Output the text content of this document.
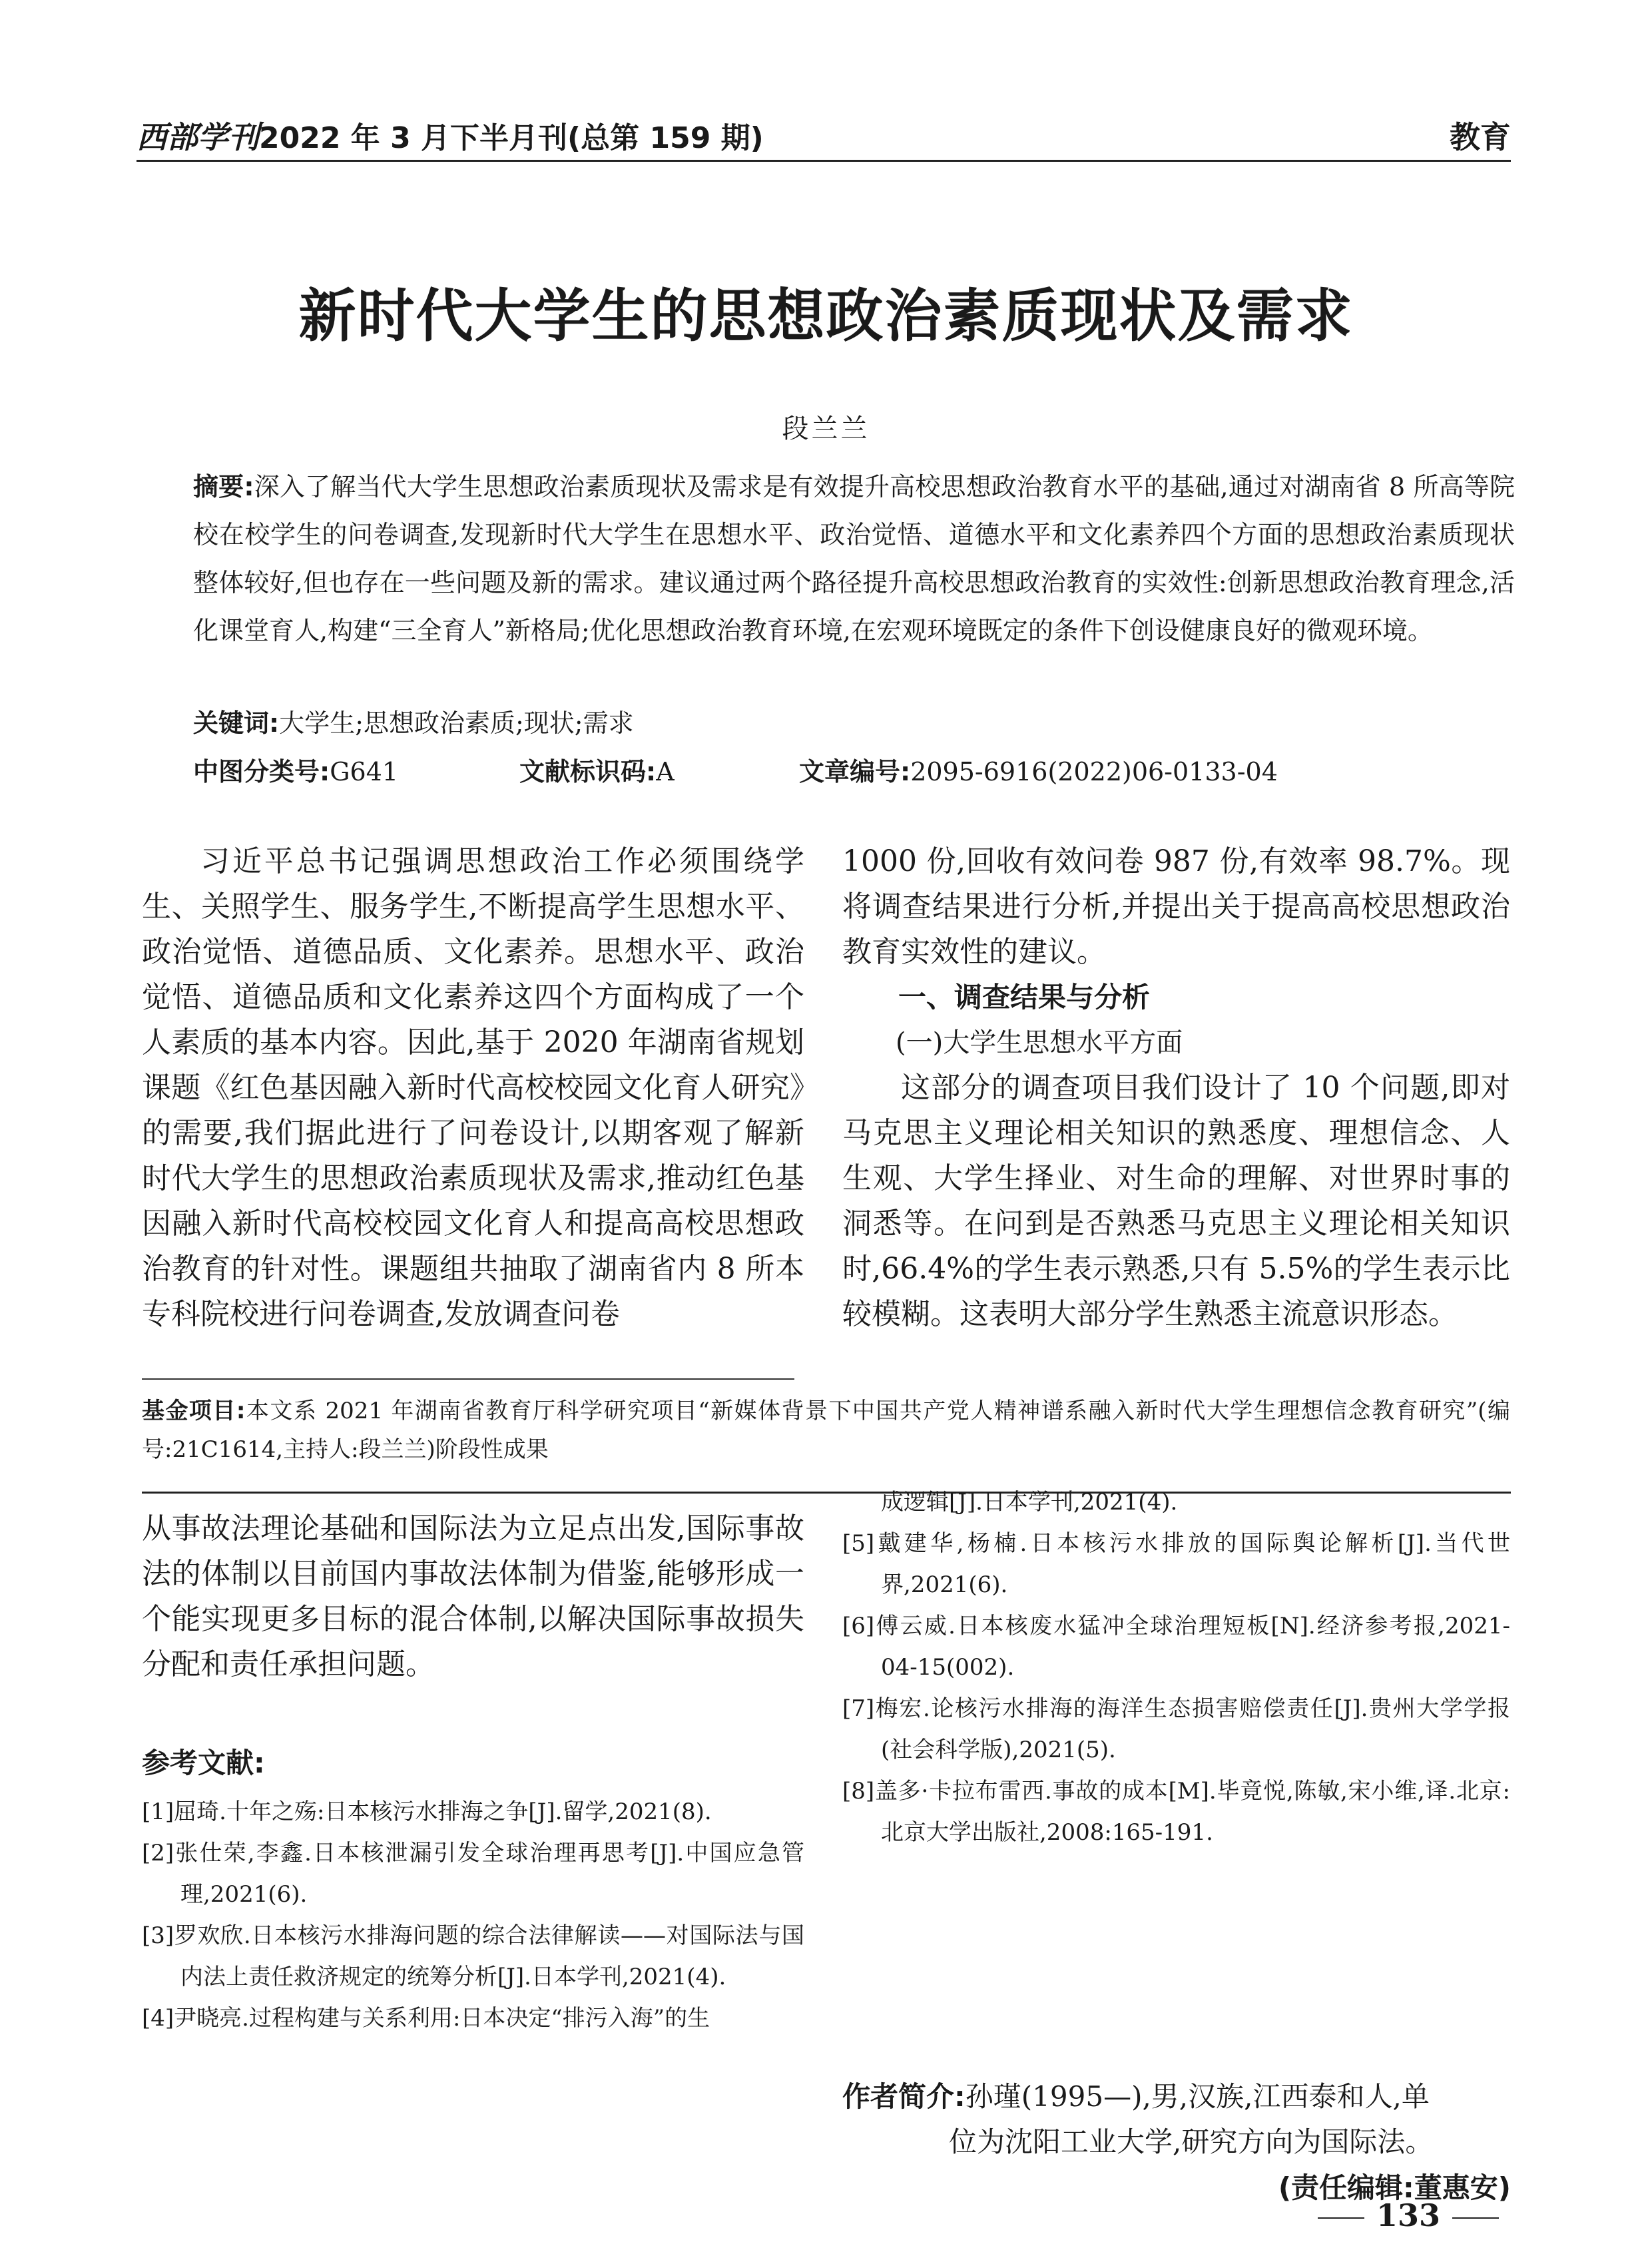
西部学刊2022 年 3 月下半月刊(总第 159 期)	教育
新时代大学生的思想政治素质现状及需求
段兰兰
摘要:深入了解当代大学生思想政治素质现状及需求是有效提升高校思想政治教育水平的基础,通过对湖南省 8 所高等院校在校学生的问卷调查,发现新时代大学生在思想水平、政治觉悟、道德水平和文化素养四个方面的思想政治素质现状整体较好,但也存在一些问题及新的需求。建议通过两个路径提升高校思想政治教育的实效性:创新思想政治教育理念,活化课堂育人,构建“三全育人”新格局;优化思想政治教育环境,在宏观环境既定的条件下创设健康良好的微观环境。
关键词:大学生;思想政治素质;现状;需求
中图分类号:G641	文献标识码:A	文章编号:2095-6916(2022)06-0133-04

习近平总书记强调思想政治工作必须围绕学生、关照学生、服务学生,不断提高学生思想水平、政治觉悟、道德品质、文化素养。思想水平、政治觉悟、道德品质和文化素养这四个方面构成了一个人素质的基本内容。因此,基于 2020 年湖南省规划课题《红色基因融入新时代高校校园文化育人研究》的需要,我们据此进行了问卷设计,以期客观了解新时代大学生的思想政治素质现状及需求,推动红色基因融入新时代高校校园文化育人和提高高校思想政治教育的针对性。课题组共抽取了湖南省内 8 所本专科院校进行问卷调查,发放调查问卷

1000 份,回收有效问卷 987 份,有效率 98.7%。现将调查结果进行分析,并提出关于提高高校思想政治教育实效性的建议。

一、调查结果与分析

(一)大学生思想水平方面

这部分的调查项目我们设计了 10 个问题,即对马克思主义理论相关知识的熟悉度、理想信念、人生观、大学生择业、对生命的理解、对世界时事的洞悉等。在问到是否熟悉马克思主义理论相关知识时,66.4%的学生表示熟悉,只有 5.5%的学生表示比较模糊。这表明大部分学生熟悉主流意识形态。

基金项目:本文系 2021 年湖南省教育厅科学研究项目“新媒体背景下中国共产党人精神谱系融入新时代大学生理想信念教育研究”(编号:21C1614,主持人:段兰兰)阶段性成果
从事故法理论基础和国际法为立足点出发,国际事故法的体制以目前国内事故法体制为借鉴,能够形成一个能实现更多目标的混合体制,以解决国际事故损失分配和责任承担问题。
参考文献:
[1]屈琦.十年之殇:日本核污水排海之争[J].留学,2021(8).
[2]张仕荣,李鑫.日本核泄漏引发全球治理再思考[J].中国应急管理,2021(6).
[3]罗欢欣.日本核污水排海问题的综合法律解读——对国际法与国内法上责任救济规定的统筹分析[J].日本学刊,2021(4).
[4]尹晓亮.过程构建与关系利用:日本决定“排污入海”的生
成逻辑[J].日本学刊,2021(4).
[5]戴建华,杨楠.日本核污水排放的国际舆论解析[J].当代世界,2021(6).
[6]傅云威.日本核废水猛冲全球治理短板[N].经济参考报,2021-04-15(002).
[7]梅宏.论核污水排海的海洋生态损害赔偿责任[J].贵州大学学报(社会科学版),2021(5).
[8]盖多·卡拉布雷西.事故的成本[M].毕竟悦,陈敏,宋小维,译.北京:北京大学出版社,2008:165-191.
作者简介:孙瑾(1995—),男,汉族,江西泰和人,单
位为沈阳工业大学,研究方向为国际法。
(责任编辑:董惠安)
133
